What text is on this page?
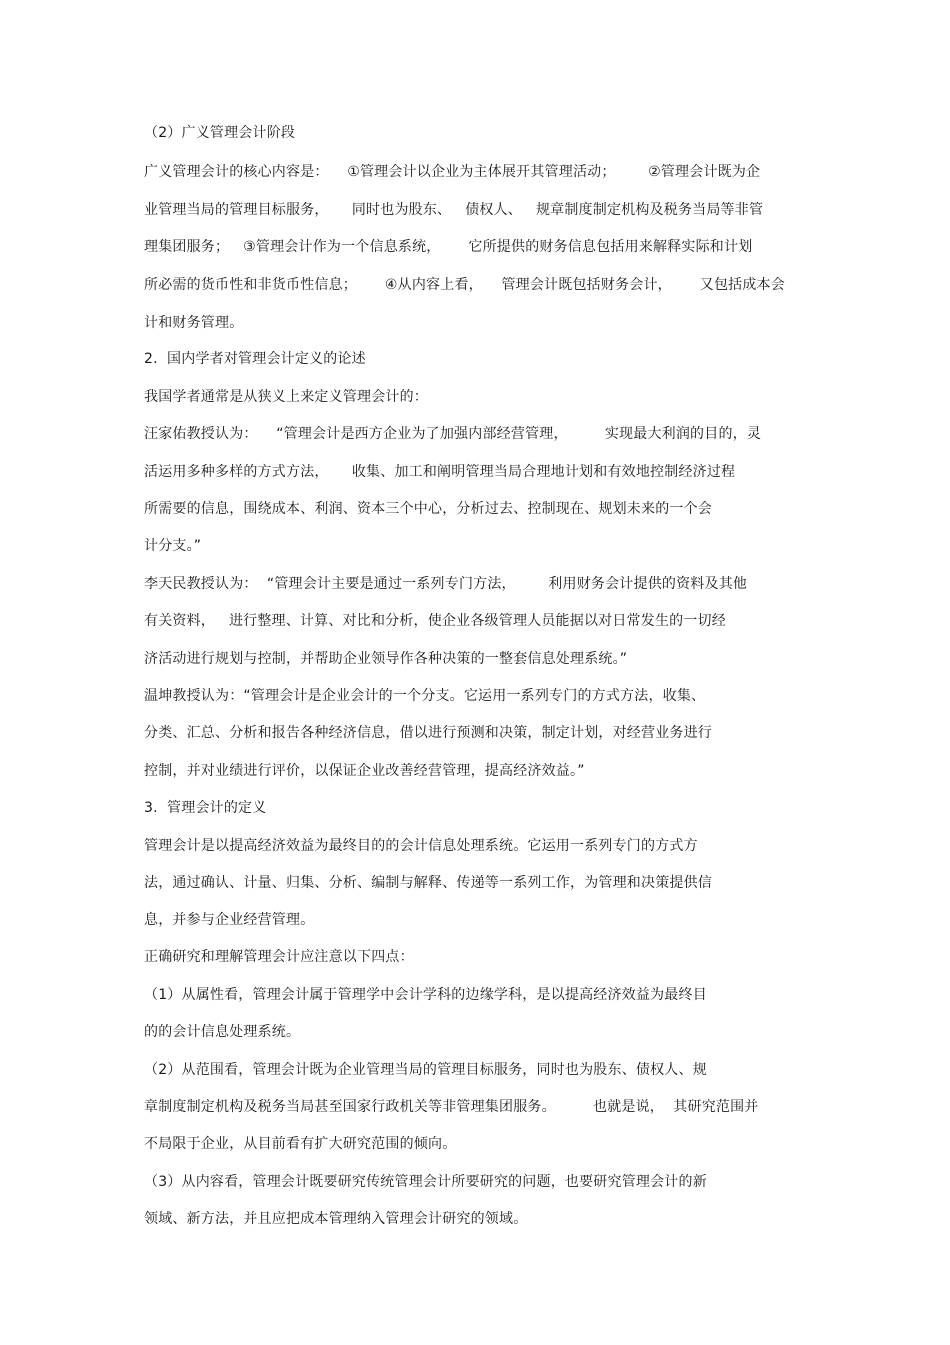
（2）广义管理会计阶段
广义管理会计的核心内容是：    ①管理会计以企业为主体展开其管理活动；       ②管理会计既为企
业管理当局的管理目标服务，     同时也为股东、   债权人、   规章制度制定机构及税务当局等非管
理集团服务；   ③管理会计作为一个信息系统，      它所提供的财务信息包括用来解释实际和计划
所必需的货币性和非货币性信息；      ④从内容上看，    管理会计既包括财务会计，      又包括成本会
计和财务管理。
2.  国内学者对管理会计定义的论述
我国学者通常是从狭义上来定义管理会计的：
汪家佑教授认为：    “管理会计是西方企业为了加强内部经营管理，        实现最大利润的目的，灵
活运用多种多样的方式方法，     收集、加工和阐明管理当局合理地计划和有效地控制经济过程
所需要的信息，围绕成本、利润、资本三个中心，分析过去、控制现在、规划未来的一个会
计分支。”
李天民教授认为：  “管理会计主要是通过一系列专门方法，       利用财务会计提供的资料及其他
有关资料，   进行整理、计算、对比和分析，使企业各级管理人员能据以对日常发生的一切经
济活动进行规划与控制，并帮助企业领导作各种决策的一整套信息处理系统。”
温坤教授认为：“管理会计是企业会计的一个分支。它运用一系列专门的方式方法，收集、
分类、汇总、分析和报告各种经济信息，借以进行预测和决策，制定计划，对经营业务进行
控制，并对业绩进行评价，以保证企业改善经营管理，提高经济效益。”
3.  管理会计的定义
管理会计是以提高经济效益为最终目的的会计信息处理系统。它运用一系列专门的方式方
法，通过确认、计量、归集、分析、编制与解释、传递等一系列工作，为管理和决策提供信
息，并参与企业经营管理。
正确研究和理解管理会计应注意以下四点：
（1）从属性看，管理会计属于管理学中会计学科的边缘学科，是以提高经济效益为最终目
的的会计信息处理系统。
（2）从范围看，管理会计既为企业管理当局的管理目标服务，同时也为股东、债权人、规
章制度制定机构及税务当局甚至国家行政机关等非管理集团服务。        也就是说，  其研究范围并
不局限于企业，从目前看有扩大研究范围的倾向。
（3）从内容看，管理会计既要研究传统管理会计所要研究的问题，也要研究管理会计的新
领域、新方法，并且应把成本管理纳入管理会计研究的领域。
